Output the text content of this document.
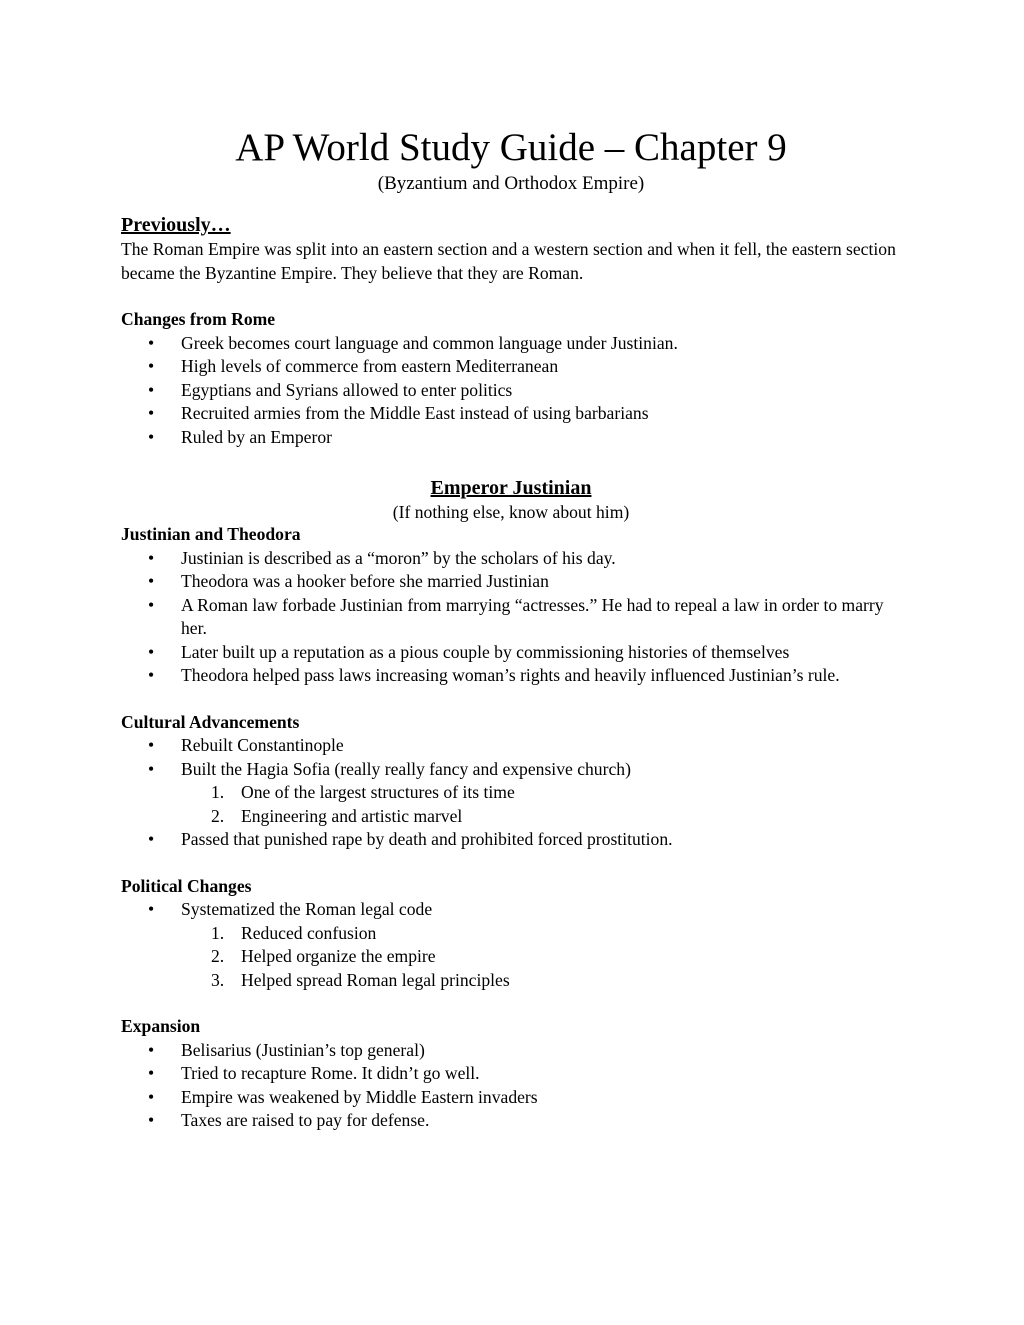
AP World Study Guide – Chapter 9
(Byzantium and Orthodox Empire)
Previously…

The Roman Empire was split into an eastern section and a western section and when it fell, the eastern section became the Byzantine Empire. They believe that they are Roman.

Changes from Rome
• Greek becomes court language and common language under Justinian.
• High levels of commerce from eastern Mediterranean
• Egyptians and Syrians allowed to enter politics
• Recruited armies from the Middle East instead of using barbarians
• Ruled by an Emperor
Emperor Justinian
(If nothing else, know about him)
Justinian and Theodora
• Justinian is described as a “moron” by the scholars of his day.
• Theodora was a hooker before she married Justinian
• A Roman law forbade Justinian from marrying “actresses.” He had to repeal a law in order to marry her.
• Later built up a reputation as a pious couple by commissioning histories of themselves
• Theodora helped pass laws increasing woman’s rights and heavily influenced Justinian’s rule.
Cultural Advancements
• Rebuilt Constantinople
• Built the Hagia Sofia (really really fancy and expensive church)
1. One of the largest structures of its time
2. Engineering and artistic marvel
• Passed that punished rape by death and prohibited forced prostitution.
Political Changes
• Systematized the Roman legal code
1. Reduced confusion
2. Helped organize the empire
3. Helped spread Roman legal principles
Expansion
• Belisarius (Justinian’s top general)
• Tried to recapture Rome. It didn’t go well.
• Empire was weakened by Middle Eastern invaders
• Taxes are raised to pay for defense.
